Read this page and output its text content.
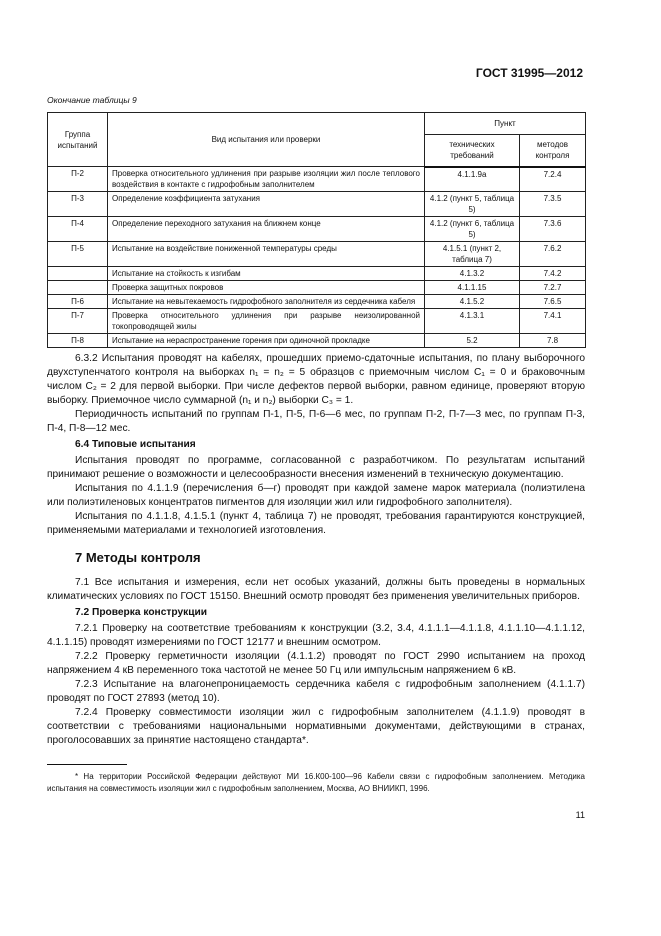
ГОСТ 31995—2012
Окончание таблицы 9
Группа испытаний	Вид испытания или проверки	Пункт	
		технических требований	методов контроля
П-2	Проверка относительного удлинения при разрыве изоляции жил после теплового воздействия в контакте с гидрофобным заполнителем	4.1.1.9а	7.2.4
П-3	Определение коэффициента затухания	4.1.2 (пункт 5, таблица 5)	7.3.5
П-4	Определение переходного затухания на ближнем конце	4.1.2 (пункт 6, таблица 5)	7.3.6
П-5	Испытание на воздействие пониженной температуры среды	4.1.5.1 (пункт 2, таблица 7)	7.6.2
	Испытание на стойкость к изгибам	4.1.3.2	7.4.2
	Проверка защитных покровов	4.1.1.15	7.2.7
П-6	Испытание на невытекаемость гидрофобного заполнителя из сердечника кабеля	4.1.5.2	7.6.5
П-7	Проверка относительного удлинения при разрыве неизолированной токопроводящей жилы	4.1.3.1	7.4.1
П-8	Испытание на нераспространение горения при одиночной прокладке	5.2	7.8

6.3.2 Испытания проводят на кабелях, прошедших приемо-сдаточные испытания, по плану выборочного двухступенчатого контроля на выборках n₁ = n₂ = 5 образцов с приемочным числом C₁ = 0 и браковочным числом C₂ = 2 для первой выборки. При числе дефектов первой выборки, равном единице, проверяют вторую выборку. Приемочное число суммарной (n₁ и n₂) выборки C₃ = 1.

Периодичность испытаний по группам П-1, П-5, П-6—6 мес, по группам П-2, П-7—3 мес, по группам П-3, П-4, П-8—12 мес.

6.4 Типовые испытания

Испытания проводят по программе, согласованной с разработчиком. По результатам испытаний принимают решение о возможности и целесообразности внесения изменений в техническую документацию.

Испытания по 4.1.1.9 (перечисления б—г) проводят при каждой замене марок материала (полиэтилена или полиэтиленовых концентратов пигментов для изоляции жил или гидрофобного заполнителя).

Испытания по 4.1.1.8, 4.1.5.1 (пункт 4, таблица 7) не проводят, требования гарантируются конструкцией, применяемыми материалами и технологией изготовления.

7 Методы контроля

7.1 Все испытания и измерения, если нет особых указаний, должны быть проведены в нормальных климатических условиях по ГОСТ 15150. Внешний осмотр проводят без применения увеличительных приборов.

7.2 Проверка конструкции

7.2.1 Проверку на соответствие требованиям к конструкции (3.2, 3.4, 4.1.1.1—4.1.1.8, 4.1.1.10—4.1.1.12, 4.1.1.15) проводят измерениями по ГОСТ 12177 и внешним осмотром.

7.2.2 Проверку герметичности изоляции (4.1.1.2) проводят по ГОСТ 2990 испытанием на проход напряжением 4 кВ переменного тока частотой не менее 50 Гц или импульсным напряжением 6 кВ.

7.2.3 Испытание на влагонепроницаемость сердечника кабеля с гидрофобным заполнением (4.1.1.7) проводят по ГОСТ 27893 (метод 10).

7.2.4 Проверку совместимости изоляции жил с гидрофобным заполнителем (4.1.1.9) проводят в соответствии с требованиями национальными нормативными документами, действующими в странах, проголосовавших за принятие настоящено стандарта*.

* На территории Российской Федерации действуют МИ 16.К00-100—96 Кабели связи с гидрофобным заполнением. Методика испытания на совместимость изоляции жил с гидрофобным заполнением, Москва, АО ВНИИКП, 1996.

11
